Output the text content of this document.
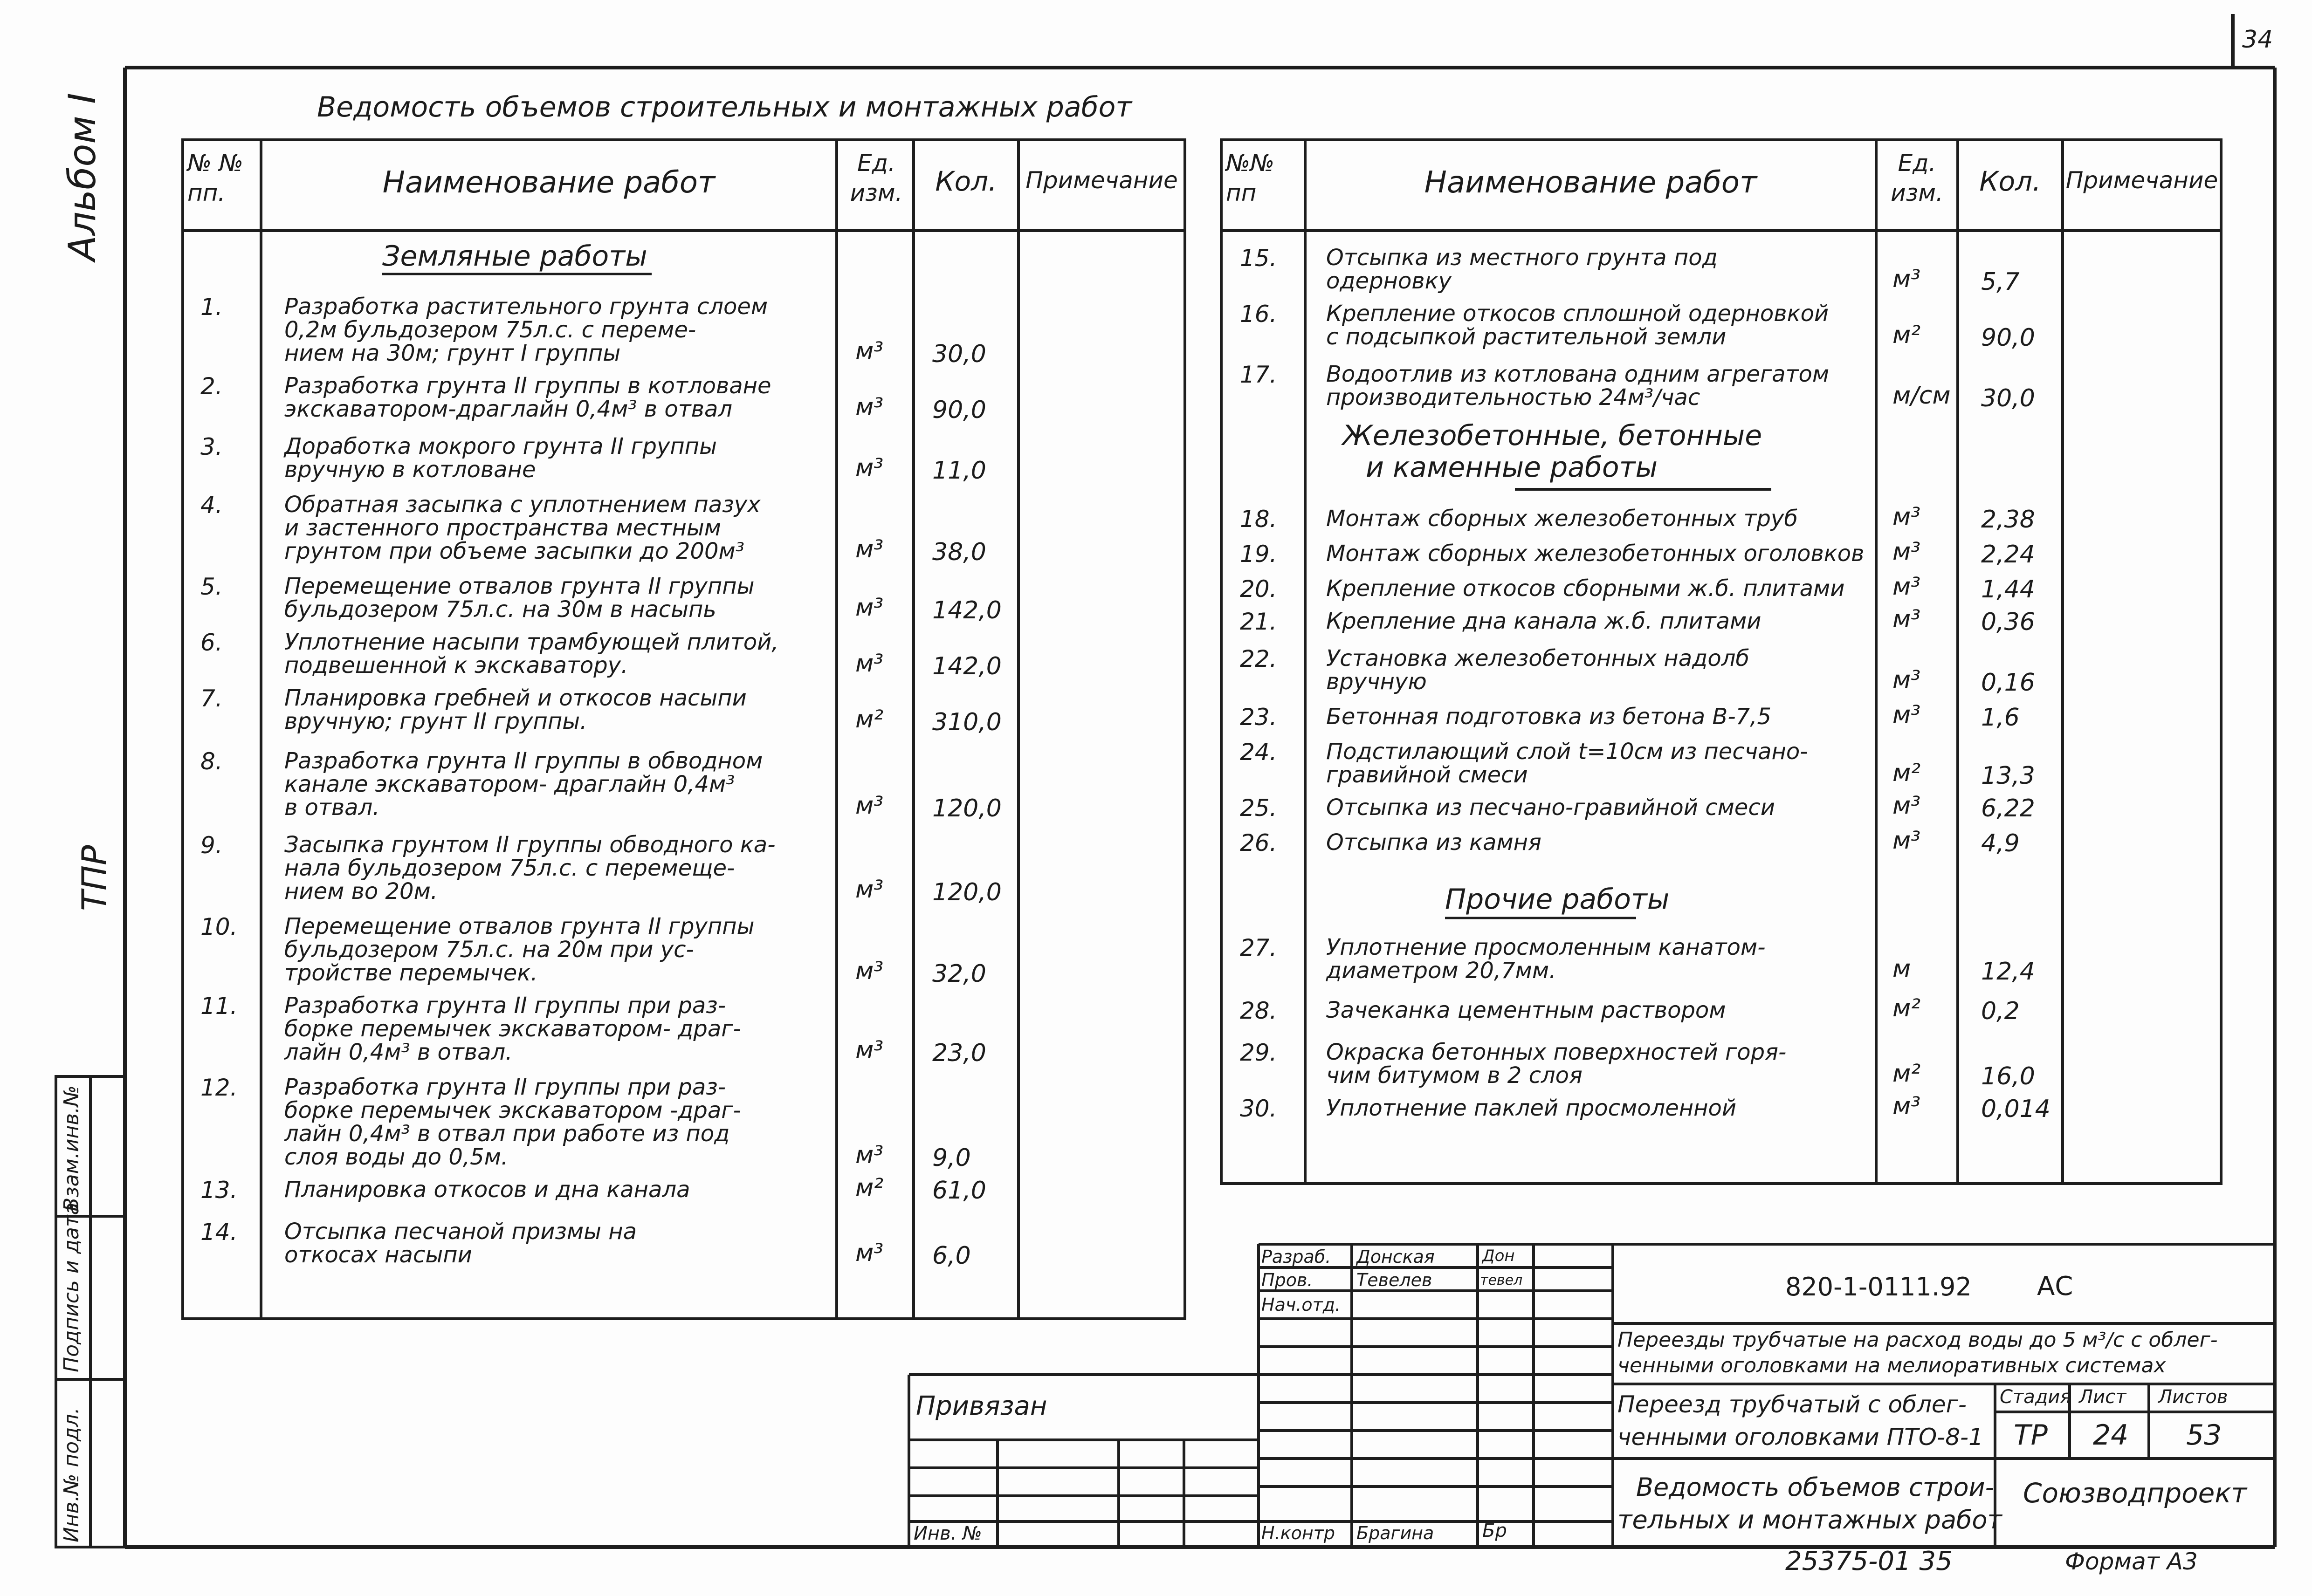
34
Альбом I
ТПР
Взам.инв.№
Подпись и дата
Инв.№ подл.
Ведомость объемов строительных и монтажных работ
№ № пп.	Наименование работ
Ед. изм.	Кол.	Примечание
Земляные работы
1.	Разработка растительного грунта слоем
0,2м бульдозером 75л.с. с переме-
нием на 30м; грунт I группы	м³ 30,0
2.	Разработка грунта II группы в котловане
экскаватором-драглайн 0,4м³ в отвал	м³ 90,0
3.	Доработка мокрого грунта II группы
вручную в котловане	м³ 11,0
4.	Обратная засыпка с уплотнением пазух
и застенного пространства местным
грунтом при объеме засыпки до 200м³	м³ 38,0
5.	Перемещение отвалов грунта II группы
бульдозером 75л.с. на 30м в насыпь	м³ 142,0
6.	Уплотнение насыпи трамбующей плитой,
подвешенной к экскаватору.	м³ 142,0
7.	Планировка гребней и откосов насыпи
вручную; грунт II группы.	м² 310,0
8.	Разработка грунта II группы в обводном
канале экскаватором- драглайн 0,4м³
в отвал.	м³ 120,0
9.	Засыпка грунтом II группы обводного ка-
нала бульдозером 75л.с. с перемеще-
нием во 20м.	м³ 120,0
10. Перемещение отвалов грунта II группы
бульдозером 75л.с. на 20м при ус-
тройстве перемычек.	м³ 32,0
11. Разработка грунта II группы при раз-
борке перемычек экскаватором- драг-
лайн 0,4м³ в отвал.	м³ 23,0
12. Разработка грунта II группы при раз-
борке перемычек экскаватором -драг-
лайн 0,4м³ в отвал при работе из под
слоя воды до 0,5м.	м³ 9,0
13. Планировка откосов и дна канала	м² 61,0
14. Отсыпка песчаной призмы на
откосах насыпи	м³ 6,0
№№ пп	Наименование работ
Ед. изм.	Кол.	Примечание
15. Отсыпка из местного грунта под
одерновку	м³ 5,7
16. Крепление откосов сплошной одерновкой
с подсыпкой растительной земли	м² 90,0
17. Водоотлив из котлована одним агрегатом
производительностью 24м³/час	м/см 30,0
18. Монтаж сборных железобетонных труб	м³ 2,38
19. Монтаж сборных железобетонных оголовков м³ 2,24
20. Крепление откосов сборными ж.б. плитами м³ 1,44
21. Крепление дна канала ж.б. плитами	м³ 0,36
22. Установка железобетонных надолб
вручную	м³ 0,16
23. Бетонная подготовка из бетона В-7,5	м³ 1,6
24. Подстилающий слой t=10см из песчано-
гравийной смеси	м² 13,3
25. Отсыпка из песчано-гравийной смеси	м³ 6,22
26. Отсыпка из камня	м³ 4,9
27. Уплотнение просмоленным канатом-
диаметром 20,7мм.	м	12,4
28. Зачеканка цементным раствором	м² 0,2
29. Окраска бетонных поверхностей горя-
чим битумом в 2 слоя	м² 16,0
30. Уплотнение паклей просмоленной	м³ 0,014
Железобетонные, бетонные
и каменные работы
Прочие работы
Разраб. Донская	Дон
Пров. Тевелев	тевел
Нач.отд.
Н.контр Брагина	Бр
Привязан
Инв. №
820-1-0111.92	АС
Переезды трубчатые на расход воды до 5 м³/с с облег-
ченными оголовками на мелиоративных системах
Переезд трубчатый с облег-
ченными оголовками ПТО-8-1
Стадия Лист Листов
ТР 24 53
Ведомость объемов строи-
тельных и монтажных работ
Союзводпроект
25375-01 35	Формат А3
